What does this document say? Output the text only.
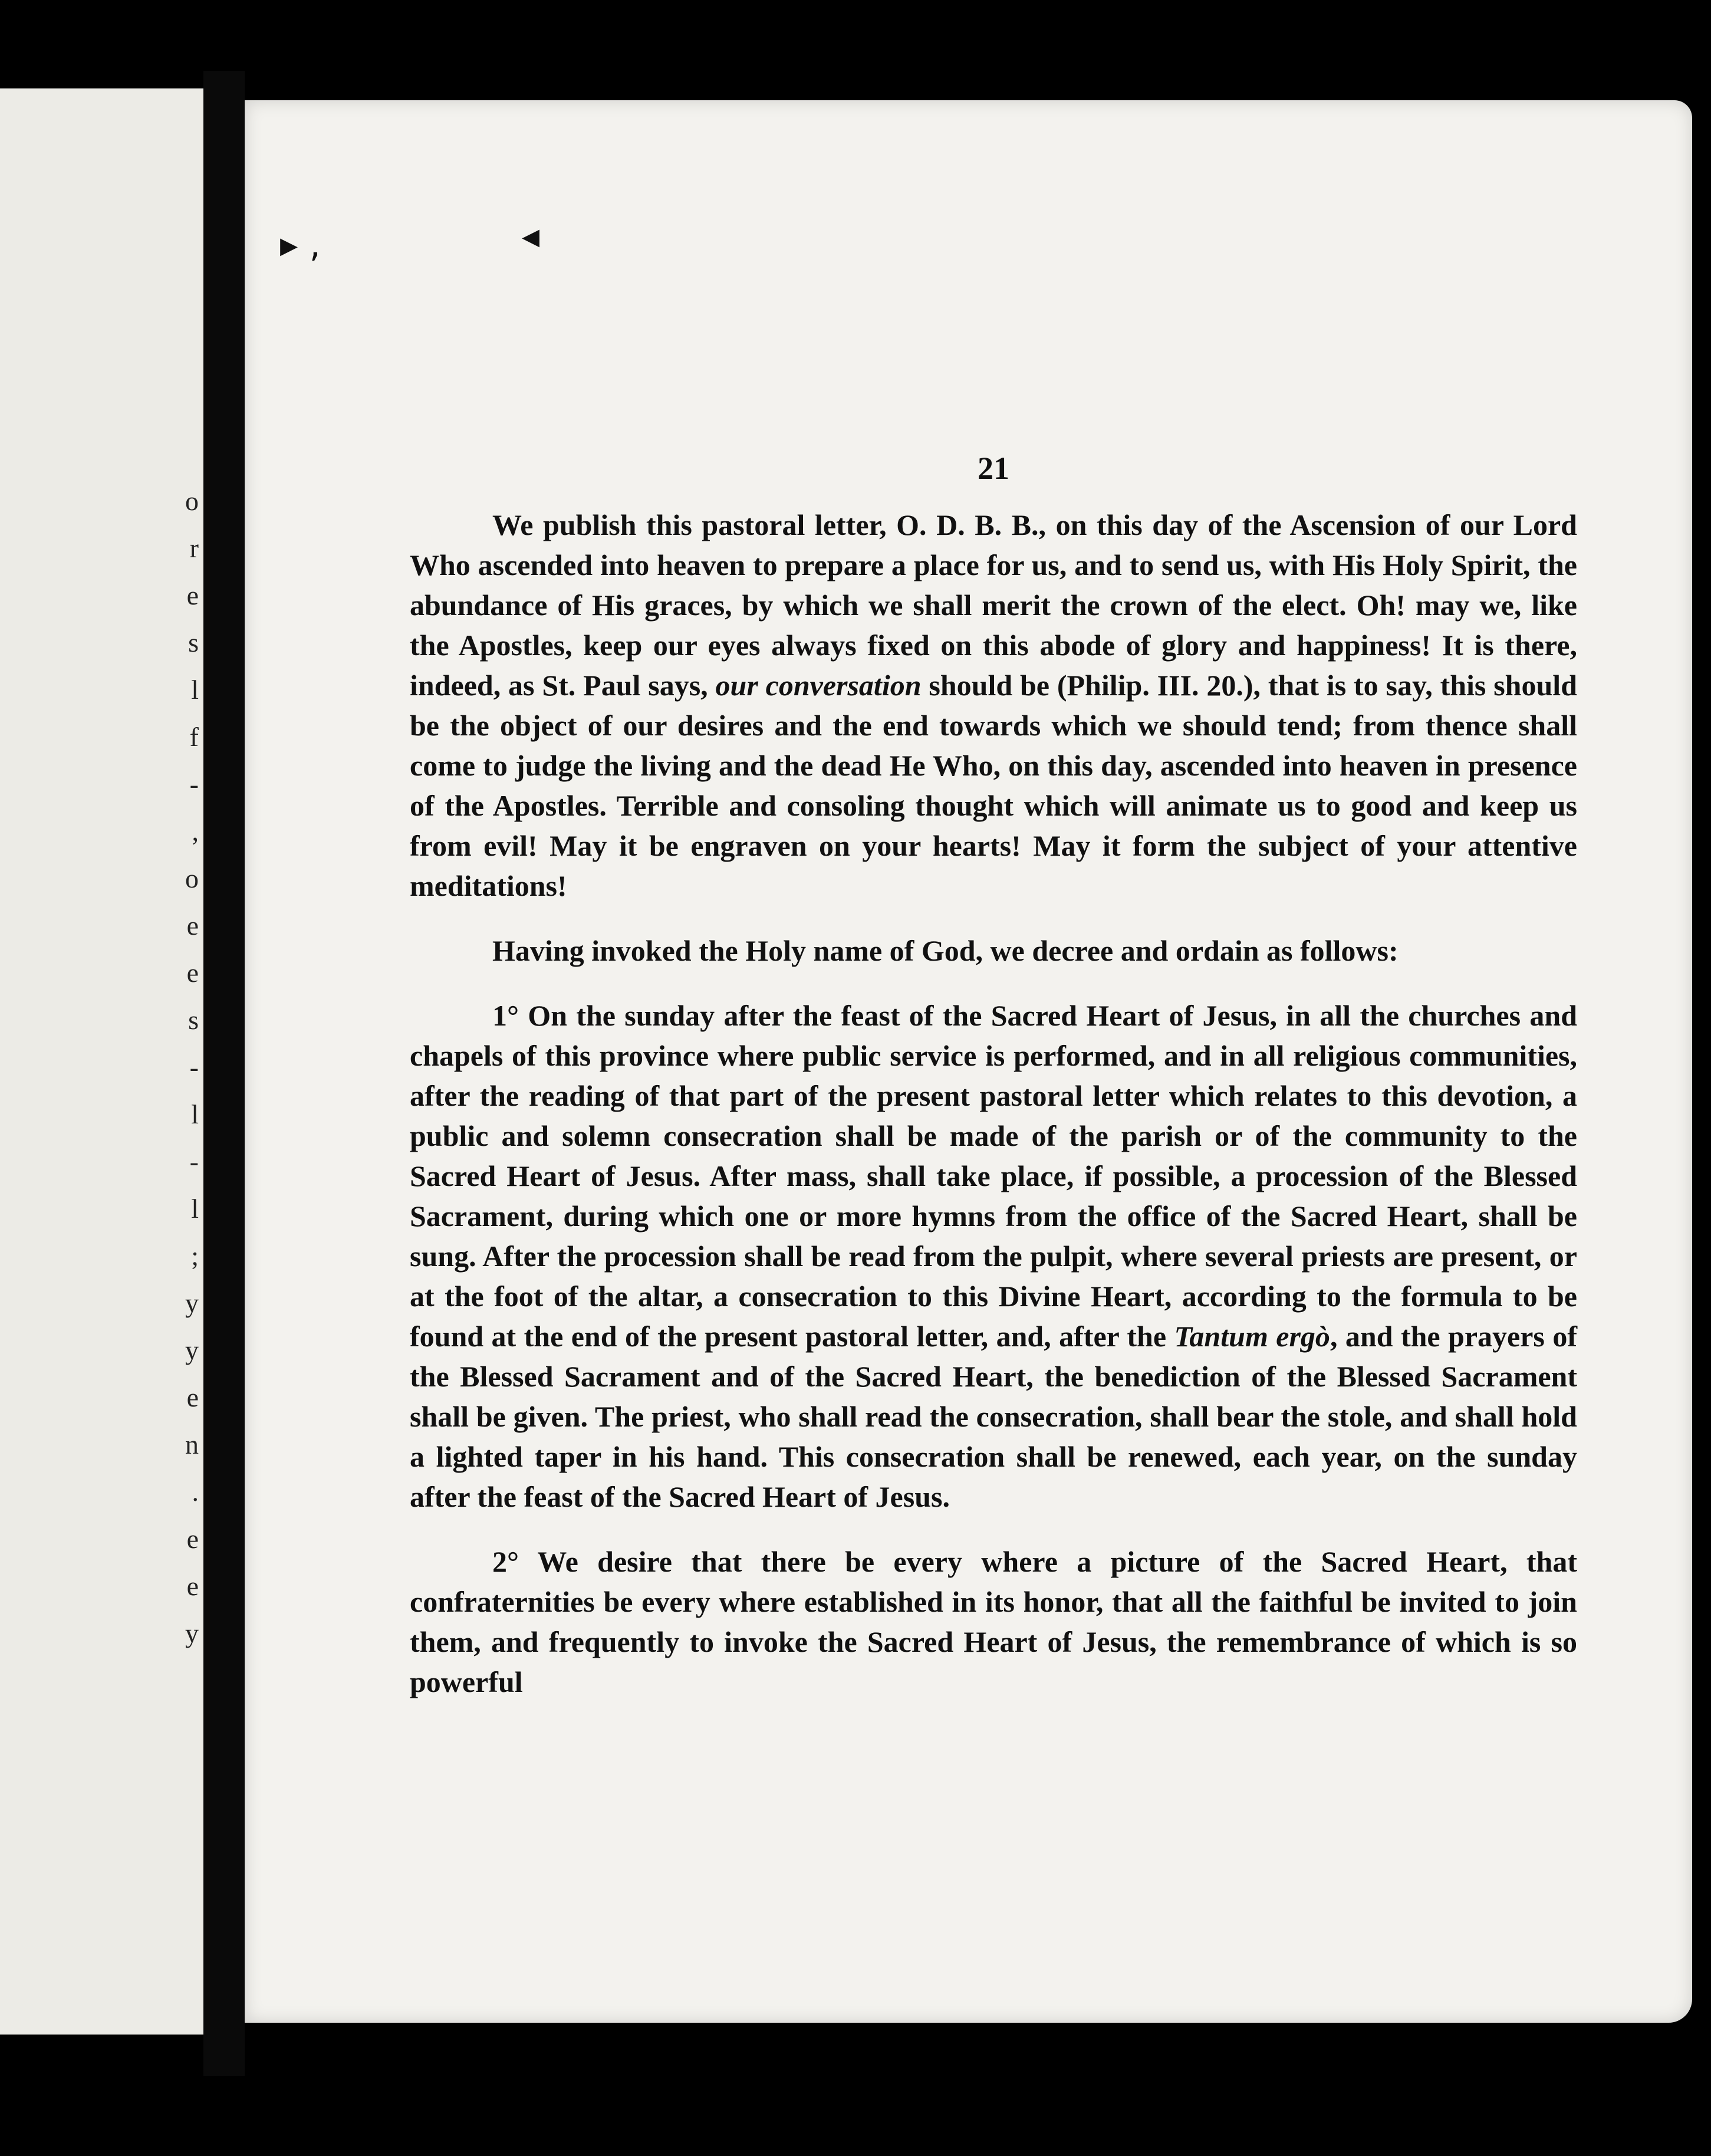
o
r
e
s
l
f
-
,
o
e
e
s
-
l
-
l
;
y
y
e
n
.
e
e
y
▸ ‚	◂
21

We publish this pastoral letter, O. D. B. B., on this day of the Ascension of our Lord Who ascended into heaven to prepare a place for us, and to send us, with His Holy Spirit, the abundance of His graces, by which we shall merit the crown of the elect. Oh! may we, like the Apostles, keep our eyes always fixed on this abode of glory and happiness! It is there, indeed, as St. Paul says, our conversation should be (Philip. III. 20.), that is to say, this should be the object of our desires and the end towards which we should tend; from thence shall come to judge the living and the dead He Who, on this day, ascended into heaven in presence of the Apostles. Terrible and consoling thought which will animate us to good and keep us from evil! May it be engraven on your hearts! May it form the subject of your attentive meditations!

Having invoked the Holy name of God, we decree and ordain as follows:

1° On the sunday after the feast of the Sacred Heart of Jesus, in all the churches and chapels of this province where public service is performed, and in all religious communities, after the reading of that part of the present pastoral letter which relates to this devotion, a public and solemn consecration shall be made of the parish or of the community to the Sacred Heart of Jesus. After mass, shall take place, if possible, a procession of the Blessed Sacrament, during which one or more hymns from the office of the Sacred Heart, shall be sung. After the procession shall be read from the pulpit, where several priests are present, or at the foot of the altar, a consecration to this Divine Heart, according to the formula to be found at the end of the present pastoral letter, and, after the Tantum ergò, and the prayers of the Blessed Sacrament and of the Sacred Heart, the benediction of the Blessed Sacrament shall be given. The priest, who shall read the consecration, shall bear the stole, and shall hold a lighted taper in his hand. This consecration shall be renewed, each year, on the sunday after the feast of the Sacred Heart of Jesus.

2° We desire that there be every where a picture of the Sacred Heart, that confraternities be every where established in its honor, that all the faithful be invited to join them, and frequently to invoke the Sacred Heart of Jesus, the remembrance of which is so powerful
